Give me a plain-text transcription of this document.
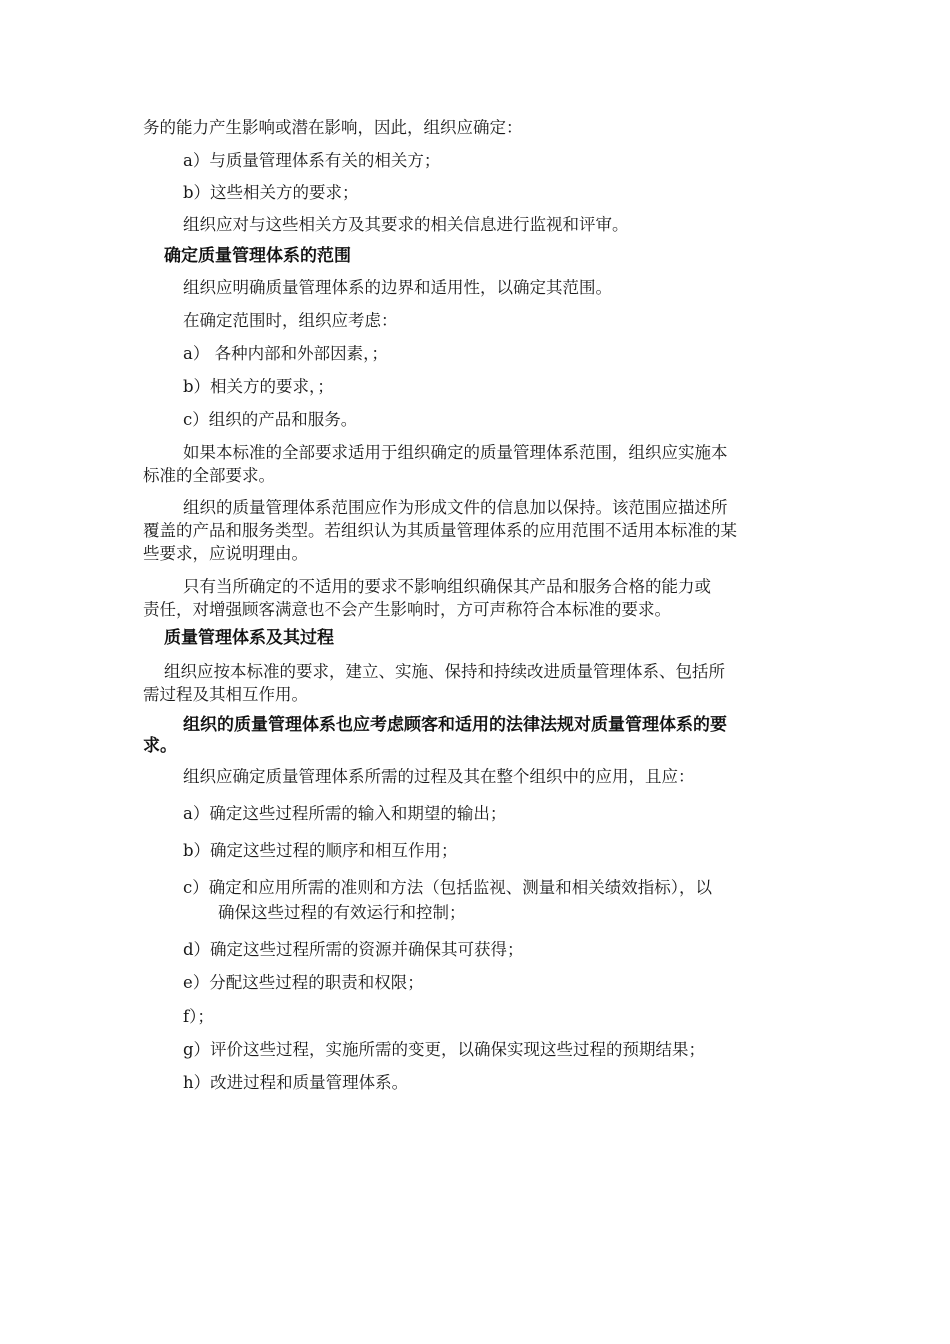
务的能力产生影响或潜在影响，因此，组织应确定：

a）与质量管理体系有关的相关方；

b）这些相关方的要求；

组织应对与这些相关方及其要求的相关信息进行监视和评审。

确定质量管理体系的范围

组织应明确质量管理体系的边界和适用性，以确定其范围。

在确定范围时，组织应考虑：

a） 各种内部和外部因素，；

b）相关方的要求，；

c）组织的产品和服务。

如果本标准的全部要求适用于组织确定的质量管理体系范围，组织应实施本

标准的全部要求。

组织的质量管理体系范围应作为形成文件的信息加以保持。该范围应描述所

覆盖的产品和服务类型。若组织认为其质量管理体系的应用范围不适用本标准的某

些要求，应说明理由。

只有当所确定的不适用的要求不影响组织确保其产品和服务合格的能力或

责任，对增强顾客满意也不会产生影响时，方可声称符合本标准的要求。

质量管理体系及其过程

组织应按本标准的要求，建立、实施、保持和持续改进质量管理体系、包括所

需过程及其相互作用。

组织的质量管理体系也应考虑顾客和适用的法律法规对质量管理体系的要

求。

组织应确定质量管理体系所需的过程及其在整个组织中的应用，且应：

a）确定这些过程所需的输入和期望的输出；

b）确定这些过程的顺序和相互作用；

c）确定和应用所需的准则和方法（包括监视、测量和相关绩效指标），以

确保这些过程的有效运行和控制；

d）确定这些过程所需的资源并确保其可获得；

e）分配这些过程的职责和权限；

f）；

g）评价这些过程，实施所需的变更，以确保实现这些过程的预期结果；

h）改进过程和质量管理体系。
